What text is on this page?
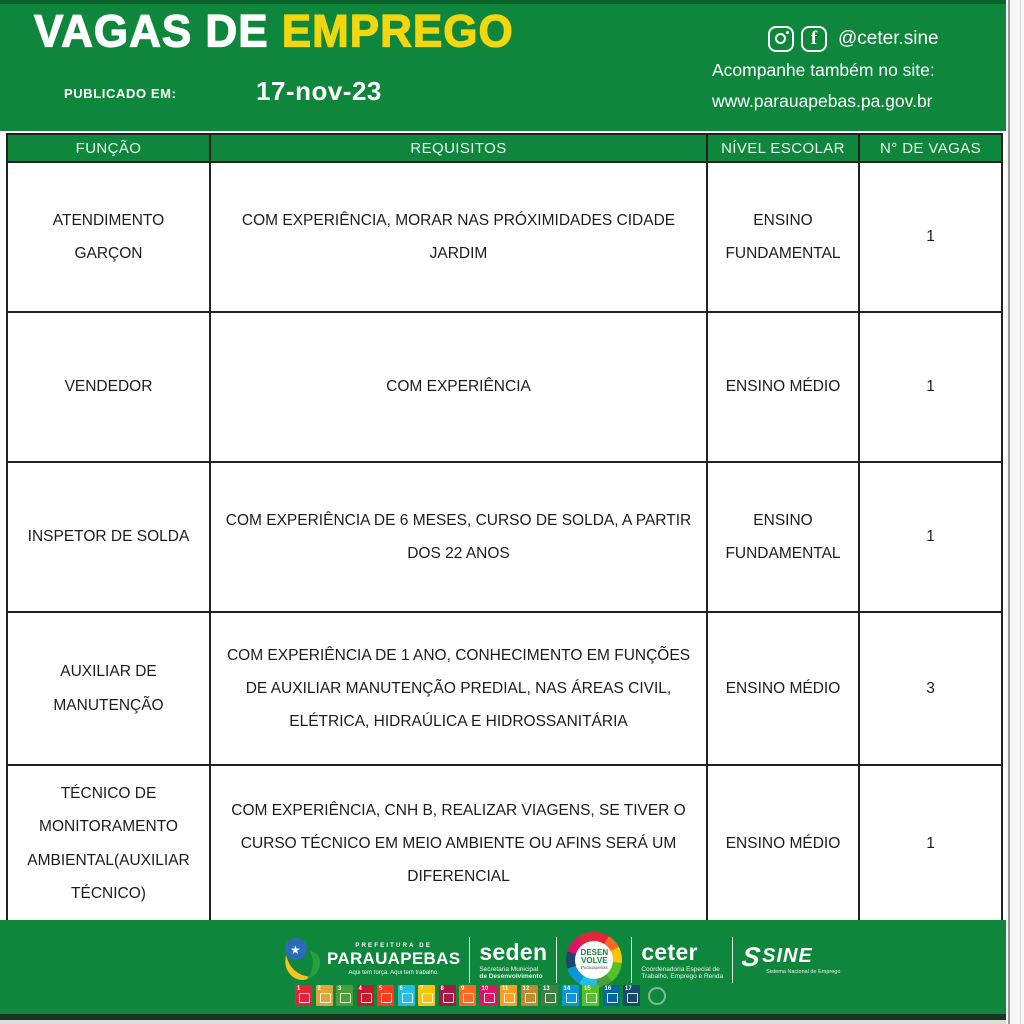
VAGAS DE EMPREGO
PUBLICADO EM:	17-nov-23
f	@ceter.sine
Acompanhe também no site:
www.parauapebas.pa.gov.br
FUNÇÃO	REQUISITOS	NÍVEL ESCOLAR	N° DE VAGAS
ATENDIMENTO GARÇON	COM EXPERIÊNCIA, MORAR NAS PRÓXIMIDADES CIDADE JARDIM	ENSINO FUNDAMENTAL	1
VENDEDOR	COM EXPERIÊNCIA	ENSINO MÉDIO	1
INSPETOR DE SOLDA	COM EXPERIÊNCIA DE 6 MESES, CURSO DE SOLDA, A PARTIR DOS 22 ANOS	ENSINO FUNDAMENTAL	1
AUXILIAR DE MANUTENÇÃO	COM EXPERIÊNCIA DE 1 ANO, CONHECIMENTO EM FUNÇÕES DE AUXILIAR MANUTENÇÃO PREDIAL, NAS ÁREAS CIVIL, ELÉTRICA, HIDRAÚLICA E HIDROSSANITÁRIA	ENSINO MÉDIO	3
TÉCNICO DE MONITORAMENTO AMBIENTAL(AUXILIAR TÉCNICO)	COM EXPERIÊNCIA, CNH B, REALIZAR VIAGENS, SE TIVER O CURSO TÉCNICO EM MEIO AMBIENTE OU AFINS SERÁ UM DIFERENCIAL	ENSINO MÉDIO	1
★	PREFEITURA DE
PARAUAPEBAS
Aqui tem força. Aqui tem trabalho.
seden
Secretaria Municipal
de Desenvolvimento
DESEN
VOLVE
Parauapebas
ceter
Coordenadoria Especial de
Trabalho, Emprego e Renda
S SINE
Sistema Nacional de Emprego
1	2	3	4	5	6	7	8	9	10 11 12 13 14 15 16 17
